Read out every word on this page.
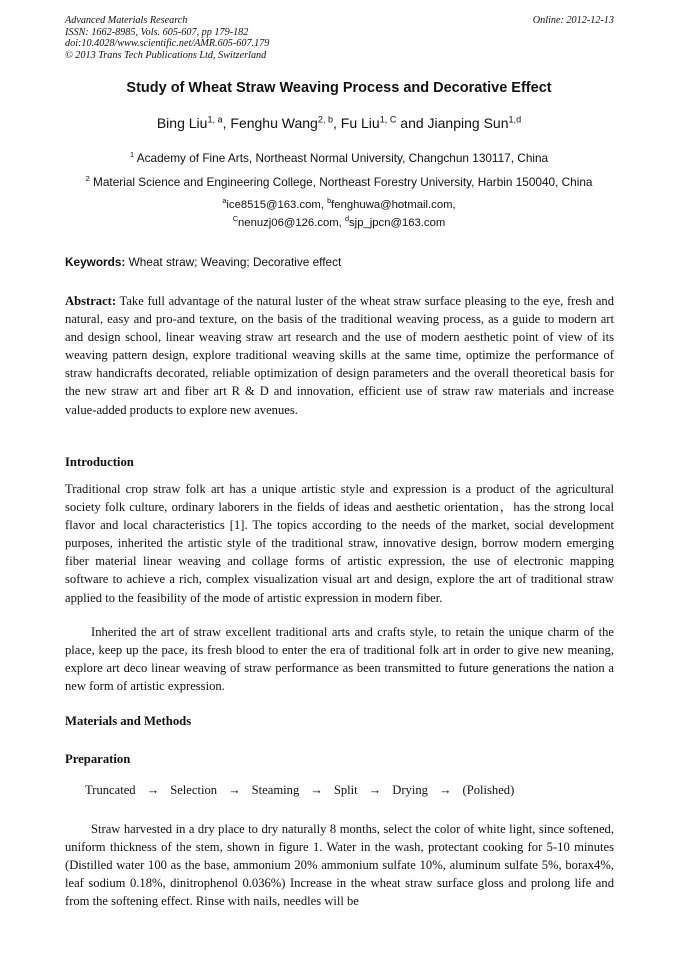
Advanced Materials Research
ISSN: 1662-8985, Vols. 605-607, pp 179-182
doi:10.4028/www.scientific.net/AMR.605-607.179
© 2013 Trans Tech Publications Ltd, Switzerland
Online: 2012-12-13
Study of Wheat Straw Weaving Process and Decorative Effect
Bing Liu$^{1, a}$, Fenghu Wang$^{2, b}$, Fu Liu$^{1, C}$ and Jianping Sun$^{1,d}$
$^1$ Academy of Fine Arts, Northeast Normal University, Changchun 130117, China
$^2$ Material Science and Engineering College, Northeast Forestry University, Harbin 150040, China
$^a$ice8515@163.com, $^b$fenghuwa@hotmail.com,
$^C$nenuzj06@126.com, $^d$sjp_jpcn@163.com
Keywords: Wheat straw; Weaving; Decorative effect
Abstract: Take full advantage of the natural luster of the wheat straw surface pleasing to the eye, fresh and natural, easy and pro-and texture, on the basis of the traditional weaving process, as a guide to modern art and design school, linear weaving straw art research and the use of modern aesthetic point of view of its weaving pattern design, explore traditional weaving skills at the same time, optimize the performance of straw handicrafts decorated, reliable optimization of design parameters and the overall theoretical basis for the new straw art and fiber art R & D and innovation, efficient use of straw raw materials and increase value-added products to explore new avenues.
Introduction
Traditional crop straw folk art has a unique artistic style and expression is a product of the agricultural society folk culture, ordinary laborers in the fields of ideas and aesthetic orientation，has the strong local flavor and local characteristics [1]. The topics according to the needs of the market, social development purposes, inherited the artistic style of the traditional straw, innovative design, borrow modern emerging fiber material linear weaving and collage forms of artistic expression, the use of electronic mapping software to achieve a rich, complex visualization visual art and design, explore the art of traditional straw applied to the feasibility of the mode of artistic expression in modern fiber.
Inherited the art of straw excellent traditional arts and crafts style, to retain the unique charm of the place, keep up the pace, its fresh blood to enter the era of traditional folk art in order to give new meaning, explore art deco linear weaving of straw performance as been transmitted to future generations the nation a new form of artistic expression.
Materials and Methods
Preparation
Truncated → Selection → Steaming → Split → Drying → (Polished)
Straw harvested in a dry place to dry naturally 8 months, select the color of white light, since softened, uniform thickness of the stem, shown in figure 1. Water in the wash, protectant cooking for 5-10 minutes (Distilled water 100 as the base, ammonium 20% ammonium sulfate 10%, aluminum sulfate 5%, borax4%, leaf sodium 0.18%, dinitrophenol 0.036%) Increase in the wheat straw surface gloss and prolong life and from the softening effect. Rinse with nails, needles will be
